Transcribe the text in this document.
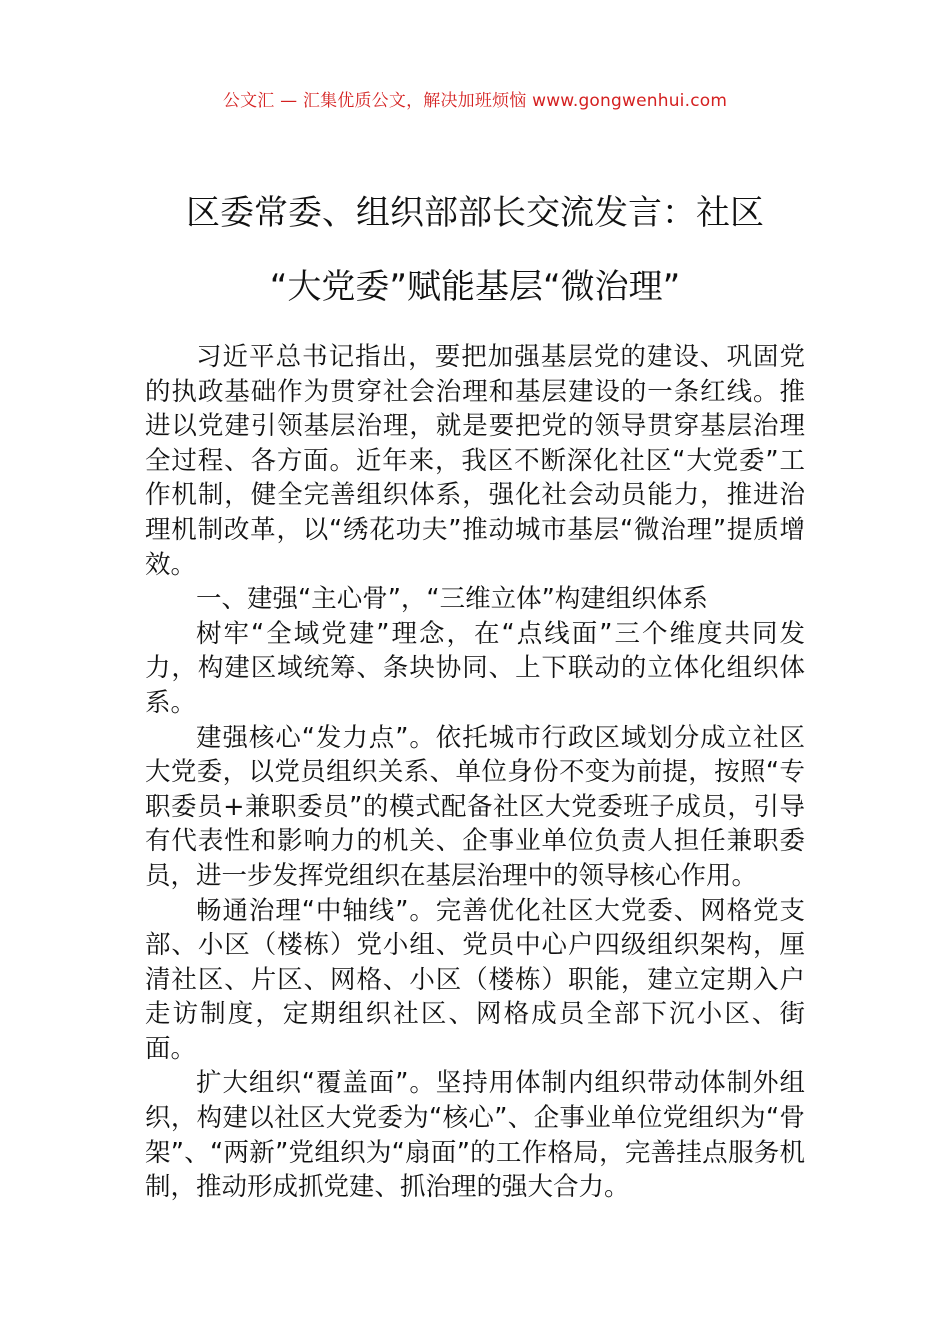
公文汇 — 汇集优质公文，解决加班烦恼 www.gongwenhui.com
区委常委、组织部部长交流发言：社区
“大党委”赋能基层“微治理”

习近平总书记指出，要把加强基层党的建设、巩固党的执政基础作为贯穿社会治理和基层建设的一条红线。推进以党建引领基层治理，就是要把党的领导贯穿基层治理全过程、各方面。近年来，我区不断深化社区“大党委”工作机制，健全完善组织体系，强化社会动员能力，推进治理机制改革，以“绣花功夫”推动城市基层“微治理”提质增效。

一、建强“主心骨”，“三维立体”构建组织体系

树牢“全域党建”理念，在“点线面”三个维度共同发力，构建区域统筹、条块协同、上下联动的立体化组织体系。

建强核心“发力点”。依托城市行政区域划分成立社区大党委，以党员组织关系、单位身份不变为前提，按照“专职委员+兼职委员”的模式配备社区大党委班子成员，引导有代表性和影响力的机关、企事业单位负责人担任兼职委员，进一步发挥党组织在基层治理中的领导核心作用。

畅通治理“中轴线”。完善优化社区大党委、网格党支部、小区（楼栋）党小组、党员中心户四级组织架构，厘清社区、片区、网格、小区（楼栋）职能，建立定期入户走访制度，定期组织社区、网格成员全部下沉小区、街面。

扩大组织“覆盖面”。坚持用体制内组织带动体制外组织，构建以社区大党委为“核心”、企事业单位党组织为“骨架”、“两新”党组织为“扇面”的工作格局，完善挂点服务机制，推动形成抓党建、抓治理的强大合力。
